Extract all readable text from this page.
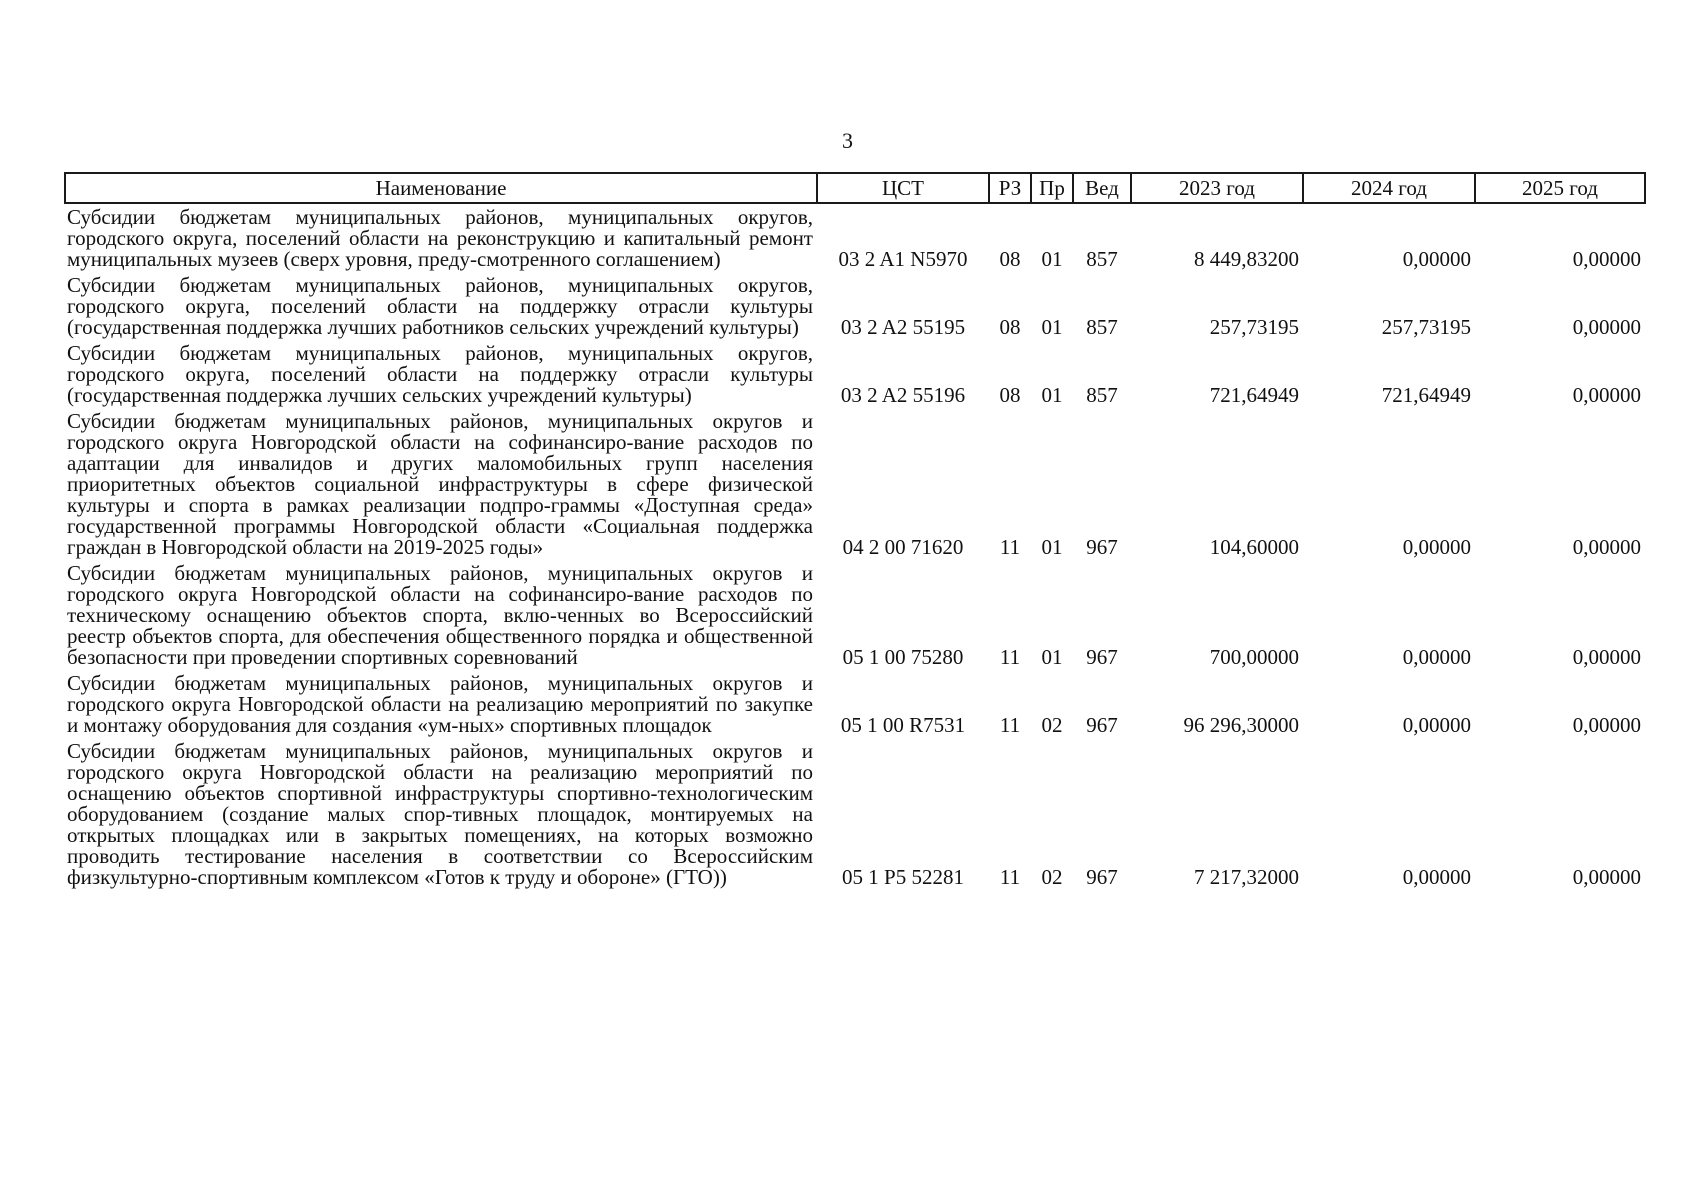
3
Наименование	ЦСТ	РЗ	Пр	Вед	2023 год	2024 год	2025 год
Субсидии бюджетам муниципальных районов, муниципальных округов, городского округа, поселений области на реконструкцию и капитальный ремонт муниципальных музеев (сверх уровня, преду-смотренного соглашением)	03 2 A1 N5970	08	01	857	8 449,83200	0,00000	0,00000
Субсидии бюджетам муниципальных районов, муниципальных округов, городского округа, поселений области на поддержку отрасли культуры (государственная поддержка лучших работников сельских учреждений культуры)	03 2 A2 55195	08	01	857	257,73195	257,73195	0,00000
Субсидии бюджетам муниципальных районов, муниципальных округов, городского округа, поселений области на поддержку отрасли культуры (государственная поддержка лучших сельских учреждений культуры)	03 2 A2 55196	08	01	857	721,64949	721,64949	0,00000
Субсидии бюджетам муниципальных районов, муниципальных округов и городского округа Новгородской области на софинансиро-вание расходов по адаптации для инвалидов и других маломобильных групп населения приоритетных объектов социальной инфраструктуры в сфере физической культуры и спорта в рамках реализации подпро-граммы «Доступная среда» государственной программы Новгородской области «Социальная поддержка граждан в Новгородской области на 2019-2025 годы»	04 2 00 71620	11	01	967	104,60000	0,00000	0,00000
Субсидии бюджетам муниципальных районов, муниципальных округов и городского округа Новгородской области на софинансиро-вание расходов по техническому оснащению объектов спорта, вклю-ченных во Всероссийский реестр объектов спорта, для обеспечения общественного порядка и общественной безопасности при проведении спортивных соревнований	05 1 00 75280	11	01	967	700,00000	0,00000	0,00000
Субсидии бюджетам муниципальных районов, муниципальных округов и городского округа Новгородской области на реализацию мероприятий по закупке и монтажу оборудования для создания «ум-ных» спортивных площадок	05 1 00 R7531	11	02	967	96 296,30000	0,00000	0,00000
Субсидии бюджетам муниципальных районов, муниципальных округов и городского округа Новгородской области на реализацию мероприятий по оснащению объектов спортивной инфраструктуры спортивно-технологическим оборудованием (создание малых спор-тивных площадок, монтируемых на открытых площадках или в закрытых помещениях, на которых возможно проводить тестирование населения в соответствии со Всероссийским физкультурно-спортивным комплексом «Готов к труду и обороне» (ГТО))	05 1 P5 52281	11	02	967	7 217,32000	0,00000	0,00000
